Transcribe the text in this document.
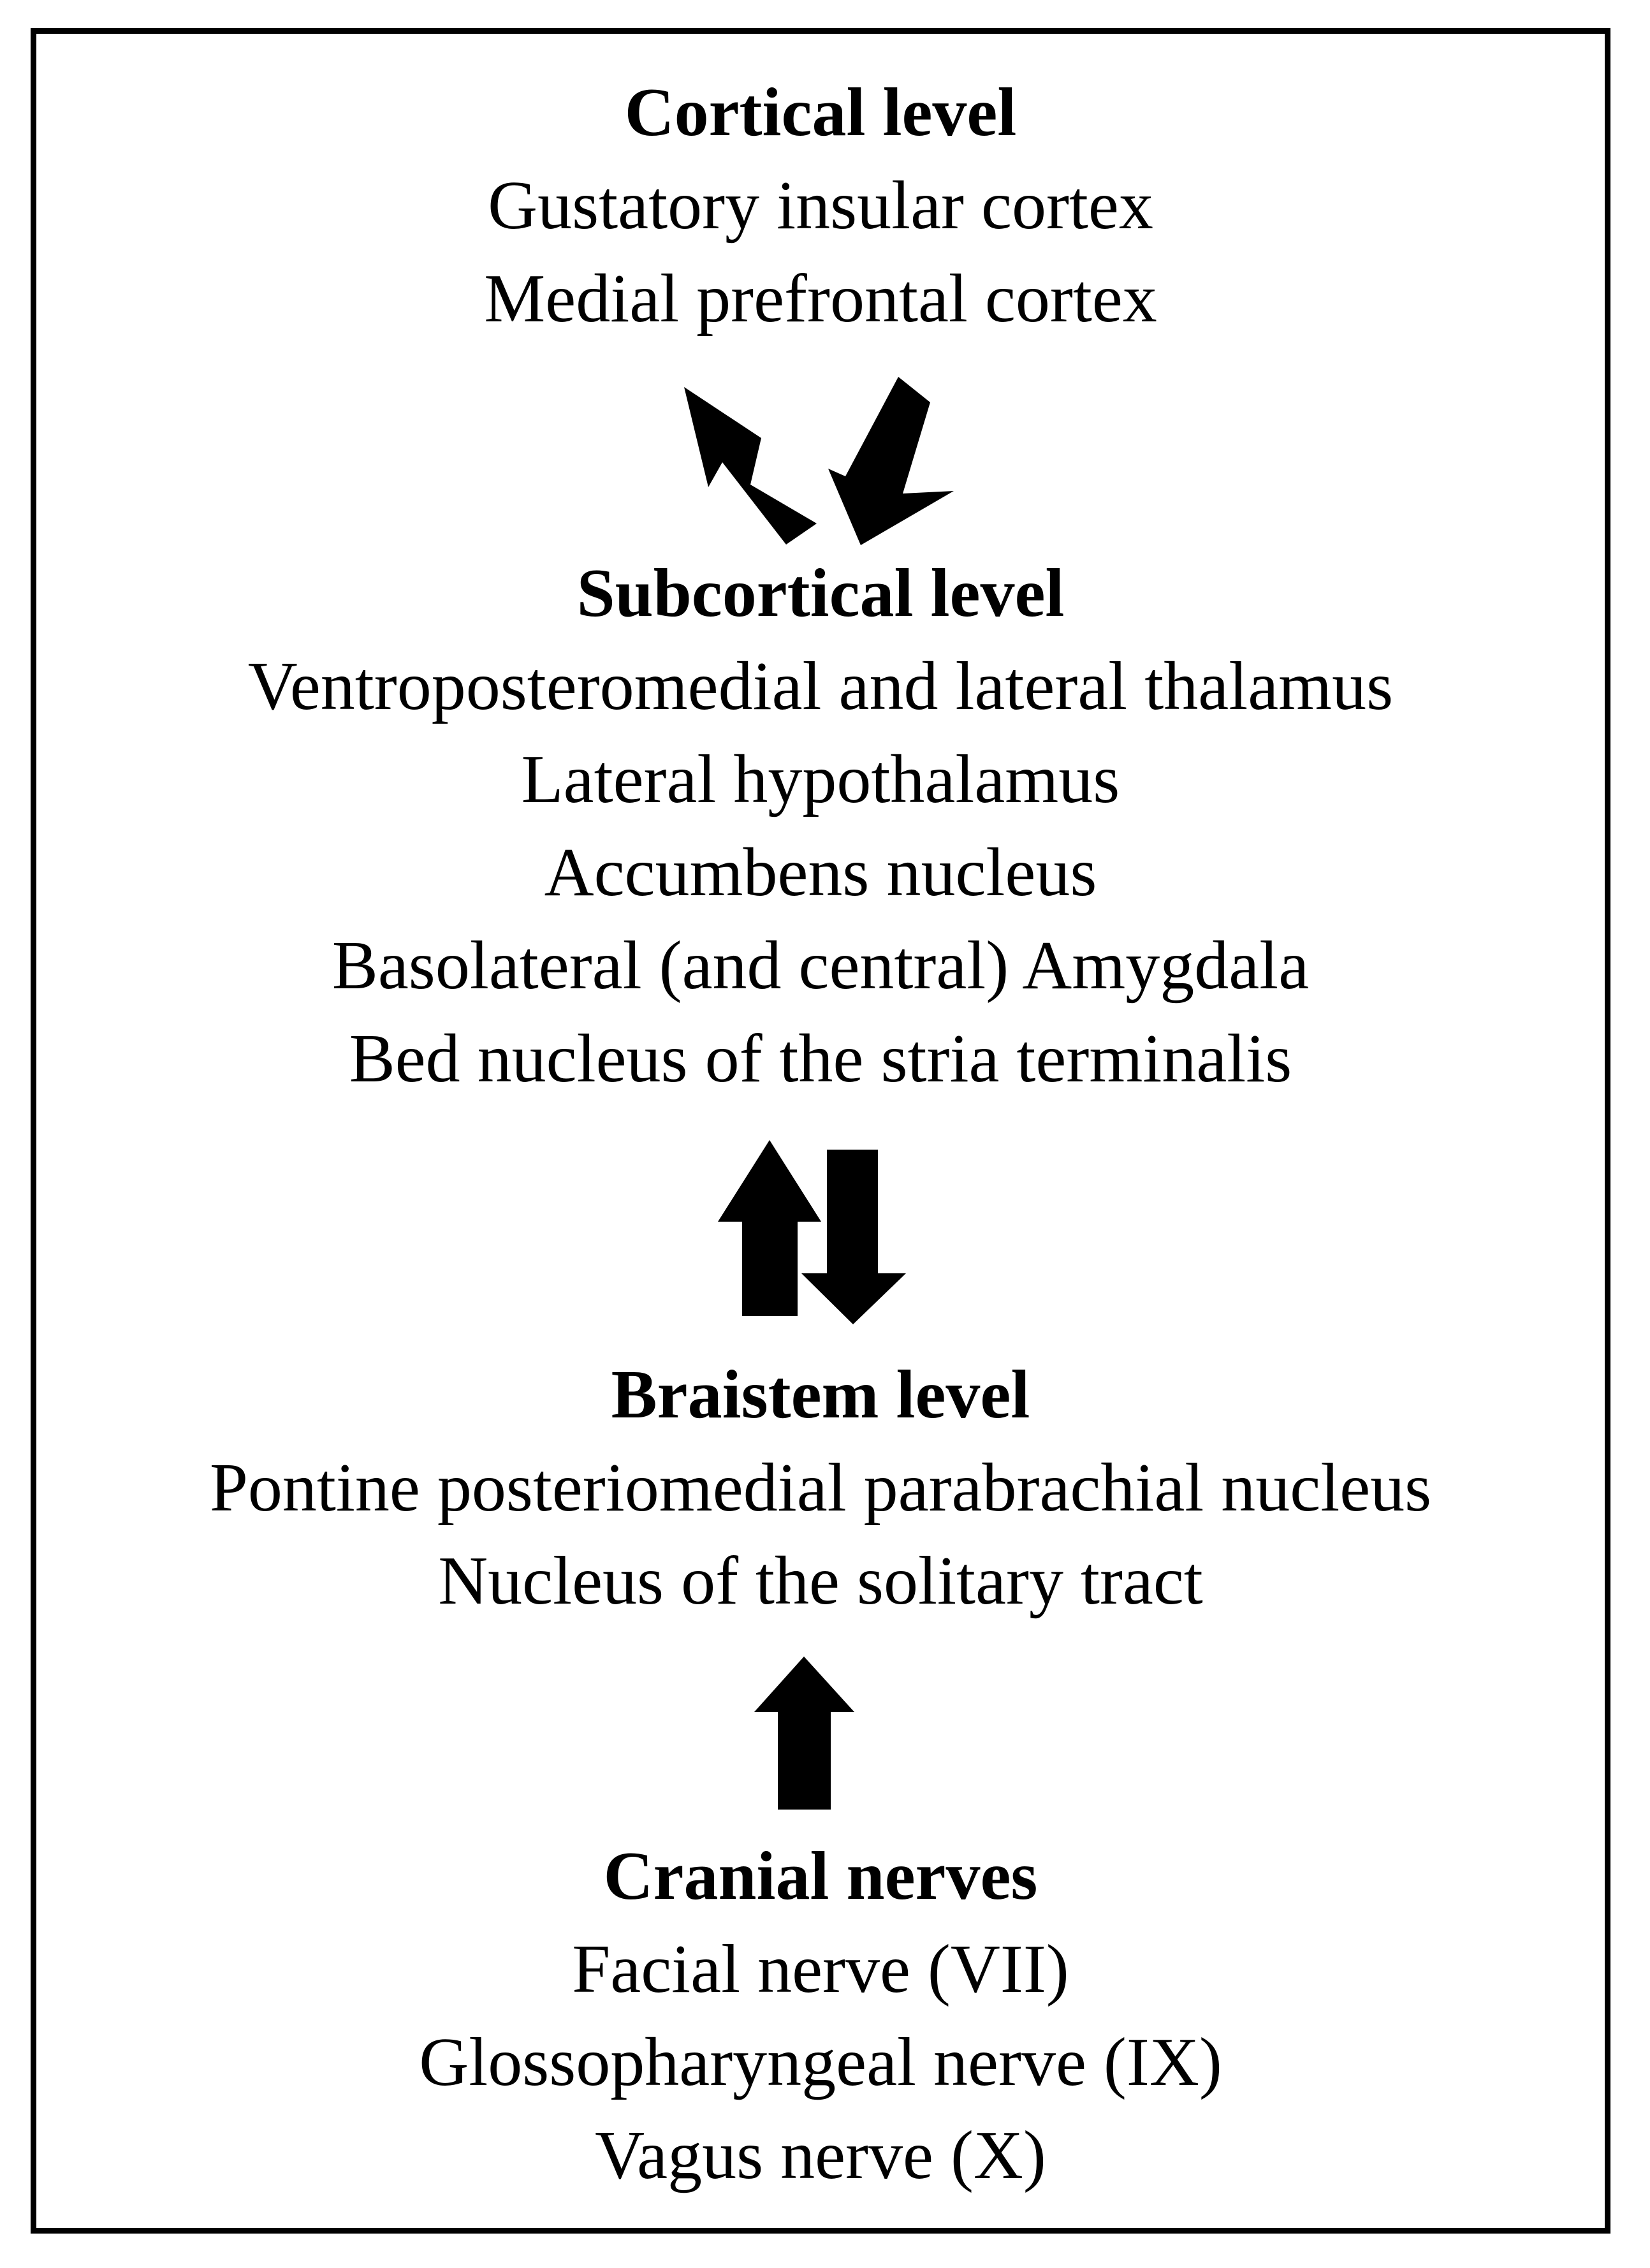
Cortical level
Gustatory insular cortex
Medial prefrontal cortex
Subcortical level
Ventroposteromedial and lateral thalamus
Lateral hypothalamus
Accumbens nucleus
Basolateral (and central) Amygdala
Bed nucleus of the stria terminalis
Braistem level
Pontine posteriomedial parabrachial nucleus
Nucleus of the solitary tract
Cranial nerves
Facial nerve (VII)
Glossopharyngeal nerve (IX)
Vagus nerve (X)
